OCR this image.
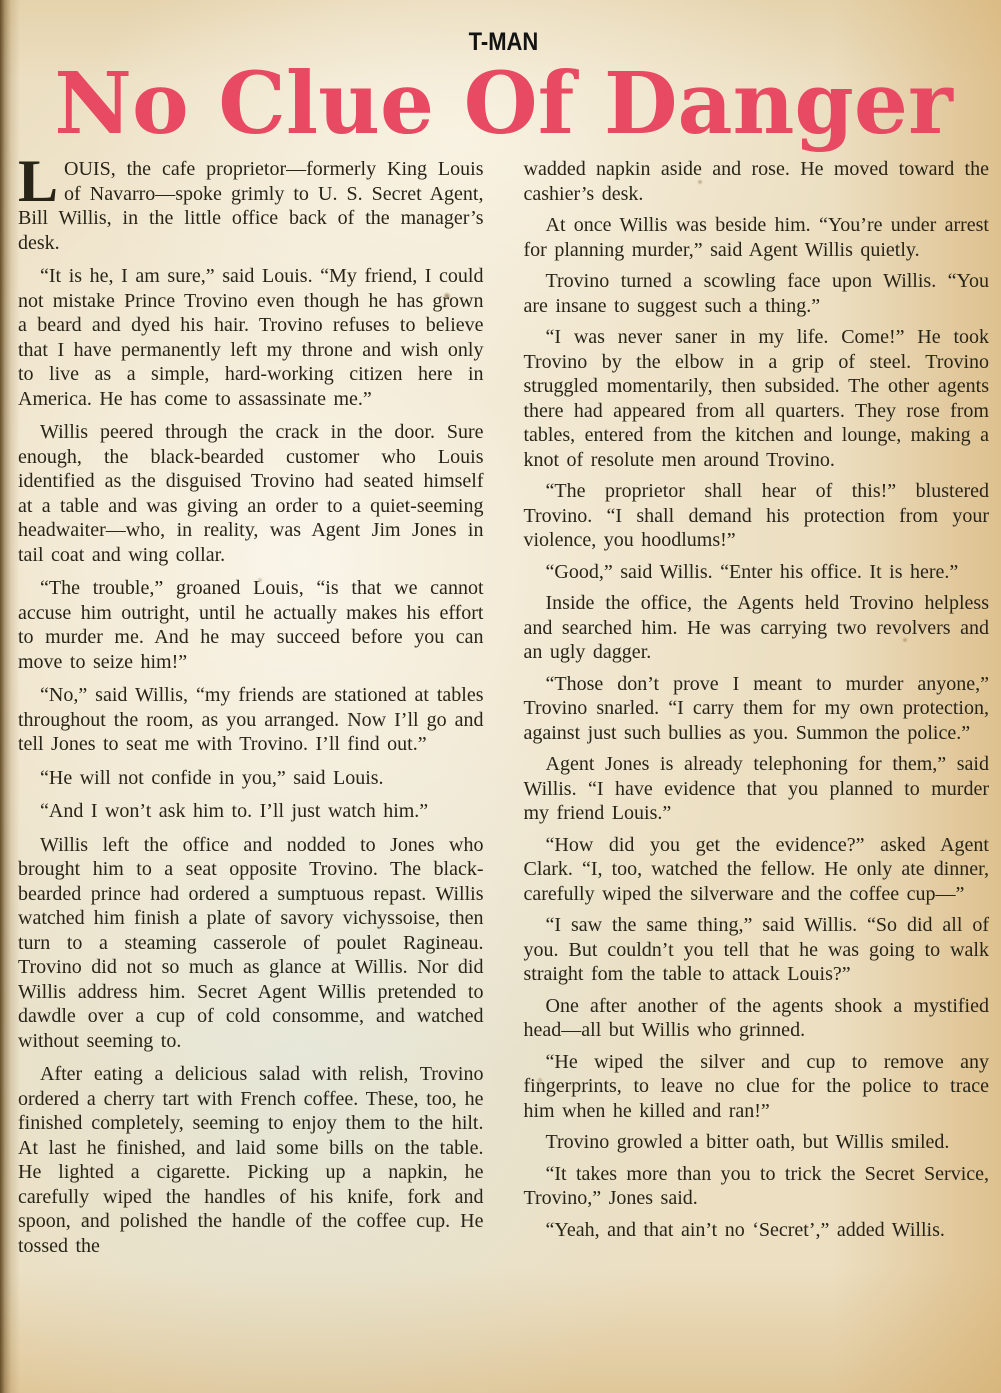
T-MAN
No Clue Of Danger

LOUIS, the cafe proprietor—formerly King Louis of Navarro—spoke grimly to U. S. Secret Agent, Bill Willis, in the little office back of the manager’s desk.

“It is he, I am sure,” said Louis. “My friend, I could not mistake Prince Trovino even though he has grown a beard and dyed his hair. Trovino refuses to believe that I have permanently left my throne and wish only to live as a simple, hard-working citizen here in America. He has come to assassinate me.”

Willis peered through the crack in the door. Sure enough, the black-bearded customer who Louis identified as the disguised Trovino had seated himself at a table and was giving an order to a quiet-seeming headwaiter—who, in reality, was Agent Jim Jones in tail coat and wing collar.

“The trouble,” groaned Louis, “is that we cannot accuse him outright, until he actually makes his effort to murder me. And he may succeed before you can move to seize him!”

“No,” said Willis, “my friends are stationed at tables throughout the room, as you arranged. Now I’ll go and tell Jones to seat me with Trovino. I’ll find out.”

“He will not confide in you,” said Louis.

“And I won’t ask him to. I’ll just watch him.”

Willis left the office and nodded to Jones who brought him to a seat opposite Trovino. The black-bearded prince had ordered a sumptuous repast. Willis watched him finish a plate of savory vichyssoise, then turn to a steaming casserole of poulet Ragineau. Trovino did not so much as glance at Willis. Nor did Willis address him. Secret Agent Willis pretended to dawdle over a cup of cold consomme, and watched without seeming to.

After eating a delicious salad with relish, Trovino ordered a cherry tart with French coffee. These, too, he finished completely, seeming to enjoy them to the hilt. At last he finished, and laid some bills on the table. He lighted a cigarette. Picking up a napkin, he carefully wiped the handles of his knife, fork and spoon, and polished the handle of the coffee cup. He tossed the

wadded napkin aside and rose. He moved toward the cashier’s desk.

At once Willis was beside him. “You’re under arrest for planning murder,” said Agent Willis quietly.

Trovino turned a scowling face upon Willis. “You are insane to suggest such a thing.”

“I was never saner in my life. Come!” He took Trovino by the elbow in a grip of steel. Trovino struggled momentarily, then subsided. The other agents there had appeared from all quarters. They rose from tables, entered from the kitchen and lounge, making a knot of resolute men around Trovino.

“The proprietor shall hear of this!” blustered Trovino. “I shall demand his protection from your violence, you hoodlums!”

“Good,” said Willis. “Enter his office. It is here.”

Inside the office, the Agents held Trovino helpless and searched him. He was carrying two revolvers and an ugly dagger.

“Those don’t prove I meant to murder anyone,” Trovino snarled. “I carry them for my own protection, against just such bullies as you. Summon the police.”

Agent Jones is already telephoning for them,” said Willis. “I have evidence that you planned to murder my friend Louis.”

“How did you get the evidence?” asked Agent Clark. “I, too, watched the fellow. He only ate dinner, carefully wiped the silverware and the coffee cup—”

“I saw the same thing,” said Willis. “So did all of you. But couldn’t you tell that he was going to walk straight fom the table to attack Louis?”

One after another of the agents shook a mystified head—all but Willis who grinned.

“He wiped the silver and cup to remove any fingerprints, to leave no clue for the police to trace him when he killed and ran!”

Trovino growled a bitter oath, but Willis smiled.

“It takes more than you to trick the Secret Service, Trovino,” Jones said.

“Yeah, and that ain’t no ‘Secret’,” added Willis.
